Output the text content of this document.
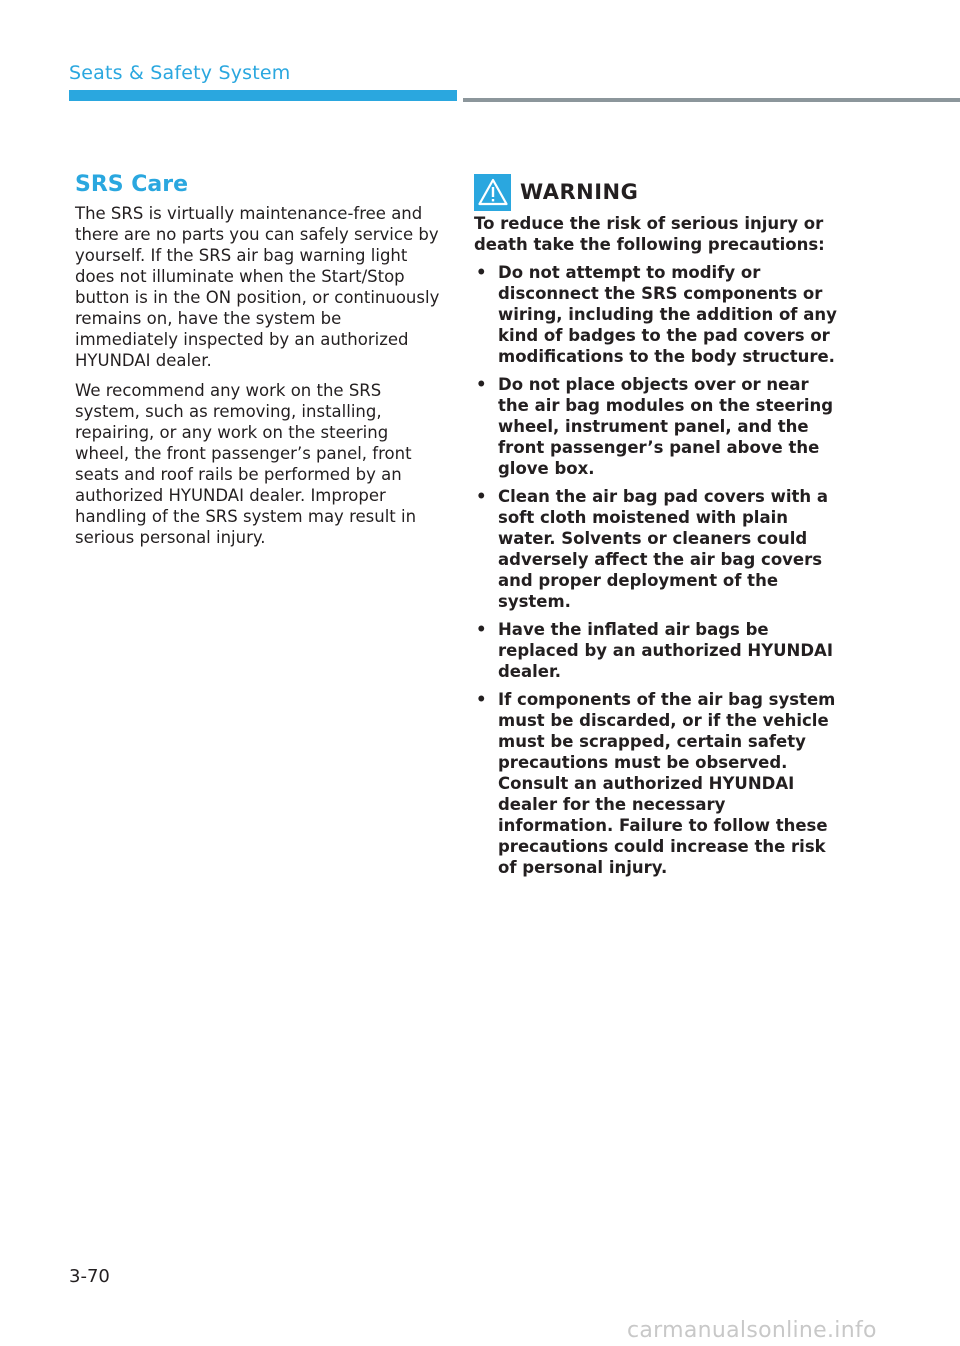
Seats & Safety System
SRS Care

The SRS is virtually maintenance-free and there are no parts you can safely service by yourself. If the SRS air bag warning light does not illuminate when the Start/Stop button is in the ON position, or continuously remains on, have the system be immediately inspected by an authorized HYUNDAI dealer.

We recommend any work on the SRS system, such as removing, installing, repairing, or any work on the steering wheel, the front passenger’s panel, front seats and roof rails be performed by an authorized HYUNDAI dealer. Improper handling of the SRS system may result in serious personal injury.

WARNING

To reduce the risk of serious injury or death take the following precautions:

• Do not attempt to modify or disconnect the SRS components or wiring, including the addition of any kind of badges to the pad covers or modifications to the body structure.
• Do not place objects over or near the air bag modules on the steering wheel, instrument panel, and the front passenger’s panel above the glove box.
• Clean the air bag pad covers with a soft cloth moistened with plain water. Solvents or cleaners could adversely affect the air bag covers and proper deployment of the system.
• Have the inflated air bags be replaced by an authorized HYUNDAI dealer.
• If components of the air bag system must be discarded, or if the vehicle must be scrapped, certain safety precautions must be observed. Consult an authorized HYUNDAI dealer for the necessary information. Failure to follow these precautions could increase the risk of personal injury.
3-70
carmanualsonline.info
